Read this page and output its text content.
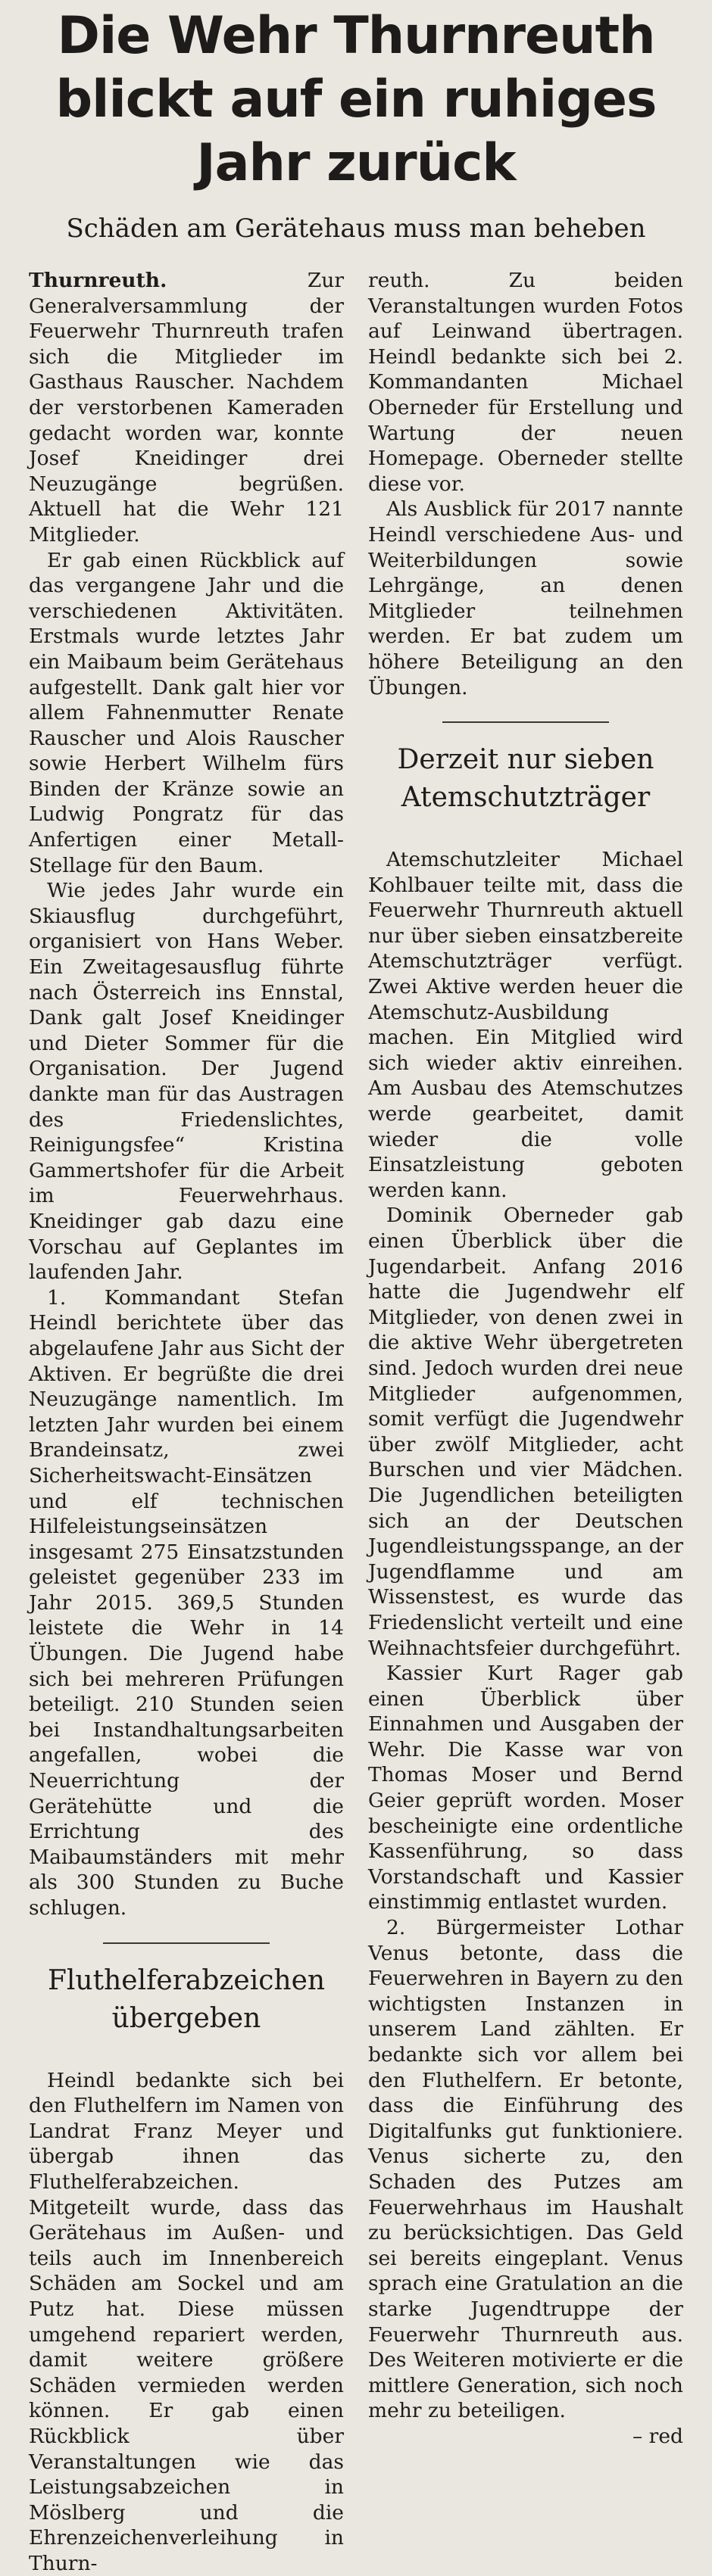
Die Wehr Thurnreuth blickt auf ein ruhiges Jahr zurück
Schäden am Gerätehaus muss man beheben

Thurnreuth.	Zur Generalversammlung der Feuerwehr Thurnreuth trafen sich die Mitglieder im Gasthaus Rauscher. Nachdem der verstorbenen Kameraden gedacht worden war, konnte Josef Kneidinger drei Neuzugänge begrüßen. Aktuell hat die Wehr 121 Mitglieder.

Er gab einen Rückblick auf das vergangene Jahr und die verschiedenen Aktivitäten. Erstmals wurde letztes Jahr ein Maibaum beim Gerätehaus aufgestellt. Dank galt hier vor allem Fahnenmutter Renate Rauscher und Alois Rauscher sowie Herbert Wilhelm fürs Binden der Kränze sowie an Ludwig Pongratz für das Anfertigen einer Metall-Stellage für den Baum.

Wie jedes Jahr wurde ein Skiausflug durchgeführt, organisiert von Hans Weber. Ein Zweitagesausflug führte nach Österreich ins Ennstal, Dank galt Josef Kneidinger und Dieter Sommer für die Organisation. Der Jugend dankte man für das Austragen des Friedenslichtes, Reinigungsfee“ Kristina Gammertshofer für die Arbeit im Feuerwehrhaus. Kneidinger gab dazu eine Vorschau auf Geplantes im laufenden Jahr.

1. Kommandant Stefan Heindl berichtete über das abgelaufene Jahr aus Sicht der Aktiven. Er begrüßte die drei Neuzugänge namentlich. Im letzten Jahr wurden bei einem Brandeinsatz, zwei Sicherheitswacht-Einsätzen und elf technischen Hilfeleistungseinsätzen insgesamt 275 Einsatzstunden geleistet gegenüber 233 im Jahr 2015. 369,5 Stunden leistete die Wehr in 14 Übungen. Die Jugend habe sich bei mehreren Prüfungen beteiligt. 210 Stunden seien bei Instandhaltungsarbeiten angefallen, wobei die Neuerrichtung der Gerätehütte und die Errichtung des Maibaumständers mit mehr als 300 Stunden zu Buche schlugen.

Fluthelferabzeichen übergeben

Heindl bedankte sich bei den Fluthelfern im Namen von Landrat Franz Meyer und übergab ihnen das Fluthelferabzeichen. Mitgeteilt wurde, dass das Gerätehaus im Außen- und teils auch im Innenbereich Schäden am Sockel und am Putz hat. Diese müssen umgehend repariert werden, damit weitere größere Schäden vermieden werden können. Er gab einen Rückblick über Veranstaltungen wie das Leistungsabzeichen in Möslberg und die Ehrenzeichenverleihung in Thurn-

reuth. Zu beiden Veranstaltungen wurden Fotos auf Leinwand übertragen. Heindl bedankte sich bei 2. Kommandanten Michael Oberneder für Erstellung und Wartung der neuen Homepage. Oberneder stellte diese vor.

Als Ausblick für 2017 nannte Heindl verschiedene Aus- und Weiterbildungen sowie Lehrgänge, an denen Mitglieder teilnehmen werden. Er bat zudem um höhere Beteiligung an den Übungen.

Derzeit nur sieben Atemschutzträger

Atemschutzleiter Michael Kohlbauer teilte mit, dass die Feuerwehr Thurnreuth aktuell nur über sieben einsatzbereite Atemschutzträger verfügt. Zwei Aktive werden heuer die Atemschutz-Ausbildung machen. Ein Mitglied wird sich wieder aktiv einreihen. Am Ausbau des Atemschutzes werde gearbeitet, damit wieder die volle Einsatzleistung geboten werden kann.

Dominik Oberneder gab einen Überblick über die Jugendarbeit. Anfang 2016 hatte die Jugendwehr elf Mitglieder, von denen zwei in die aktive Wehr übergetreten sind. Jedoch wurden drei neue Mitglieder aufgenommen, somit verfügt die Jugendwehr über zwölf Mitglieder, acht Burschen und vier Mädchen. Die Jugendlichen beteiligten sich an der Deutschen Jugendleistungsspange, an der Jugendflamme und am Wissenstest, es wurde das Friedenslicht verteilt und eine Weihnachtsfeier durchgeführt.

Kassier Kurt Rager gab einen Überblick über Einnahmen und Ausgaben der Wehr. Die Kasse war von Thomas Moser und Bernd Geier geprüft worden. Moser bescheinigte eine ordentliche Kassenführung, so dass Vorstandschaft und Kassier einstimmig entlastet wurden.

2. Bürgermeister Lothar Venus betonte, dass die Feuerwehren in Bayern zu den wichtigsten Instanzen in unserem Land zählten. Er bedankte sich vor allem bei den Fluthelfern. Er betonte, dass die Einführung des Digitalfunks gut funktioniere. Venus sicherte zu, den Schaden des Putzes am Feuerwehrhaus im Haushalt zu berücksichtigen. Das Geld sei bereits eingeplant. Venus sprach eine Gratulation an die starke Jugendtruppe der Feuerwehr Thurnreuth aus. Des Weiteren motivierte er die mittlere Generation, sich noch mehr zu beteiligen.

– red
